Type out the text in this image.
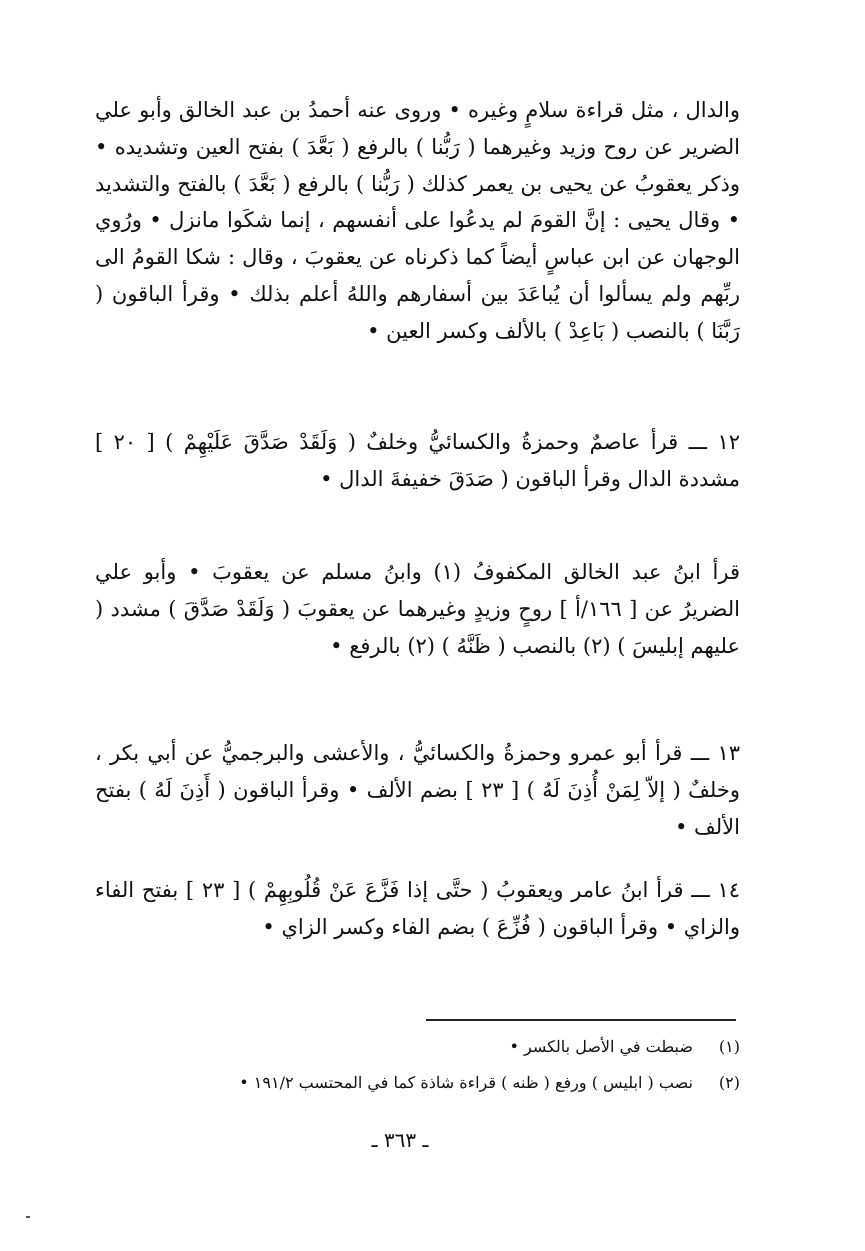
والدال ، مثل قراءة سلامٍ وغيره • وروى عنه أحمدُ بن عبد الخالق وأبو علي الضرير عن روح وزيد وغيرهما ( رَبُّنا ) بالرفع ( بَعَّدَ ) بفتح العين وتشديده • وذكر يعقوبُ عن يحيى بن يعمر كذلك ( رَبُّنا ) بالرفع ( بَعَّدَ ) بالفتح والتشديد • وقال يحيى : إنَّ القومَ لم يدعُوا على أنفسهم ، إنما شكَوا مانزل • ورُوي الوجهان عن ابن عباسٍ أيضاً كما ذكرناه عن يعقوبَ ، وقال : شكا القومُ الى ربِّهم ولم يسألوا أن يُباعَدَ بين أسفارهم واللهُ أعلم بذلك • وقرأ الباقون ( رَبَّنَا ) بالنصب ( بَاعِدْ ) بالألف وكسر العين •
١٢ ـــ قرأ عاصمٌ وحمزةُ والكسائيُّ وخلفٌ ( وَلَقَدْ صَدَّقَ عَلَيْهِمْ ) [ ٢٠ ] مشددة الدال وقرأ الباقون ( صَدَقَ خفيفةَ الدال •
قرأ ابنُ عبد الخالق المكفوفُ (١) وابنُ مسلم عن يعقوبَ • وأبو علي الضريرُ عن [ ١٦٦/أ ] روحٍ وزيدٍ وغيرهما عن يعقوبَ ( وَلَقَدْ صَدَّقَ ) مشدد ( عليهم إبليسَ ) (٢) بالنصب ( ظَنَّهُ ) (٢) بالرفع •
١٣ ـــ قرأ أبو عمرو وحمزةُ والكسائيُّ ، والأعشى والبرجميُّ عن أبي بكر ، وخلفٌ ( إلاّ لِمَنْ أُذِنَ لَهُ ) [ ٢٣ ] بضم الألف • وقرأ الباقون ( أَذِنَ لَهُ ) بفتح الألف •
١٤ ـــ قرأ ابنُ عامر ويعقوبُ ( حتَّى إذا فَزَّعَ عَنْ قُلُوبِهِمْ ) [ ٢٣ ] بفتح الفاء والزاي • وقرأ الباقون ( فُزِّعَ ) بضم الفاء وكسر الزاي •
(١) ضبطت في الأصل بالكسر •
(٢) نصب ( ابليس ) ورفع ( ظنه ) قراءة شاذة كما في المحتسب ١٩١/٢ •
ـ ٣٦٣ ـ
